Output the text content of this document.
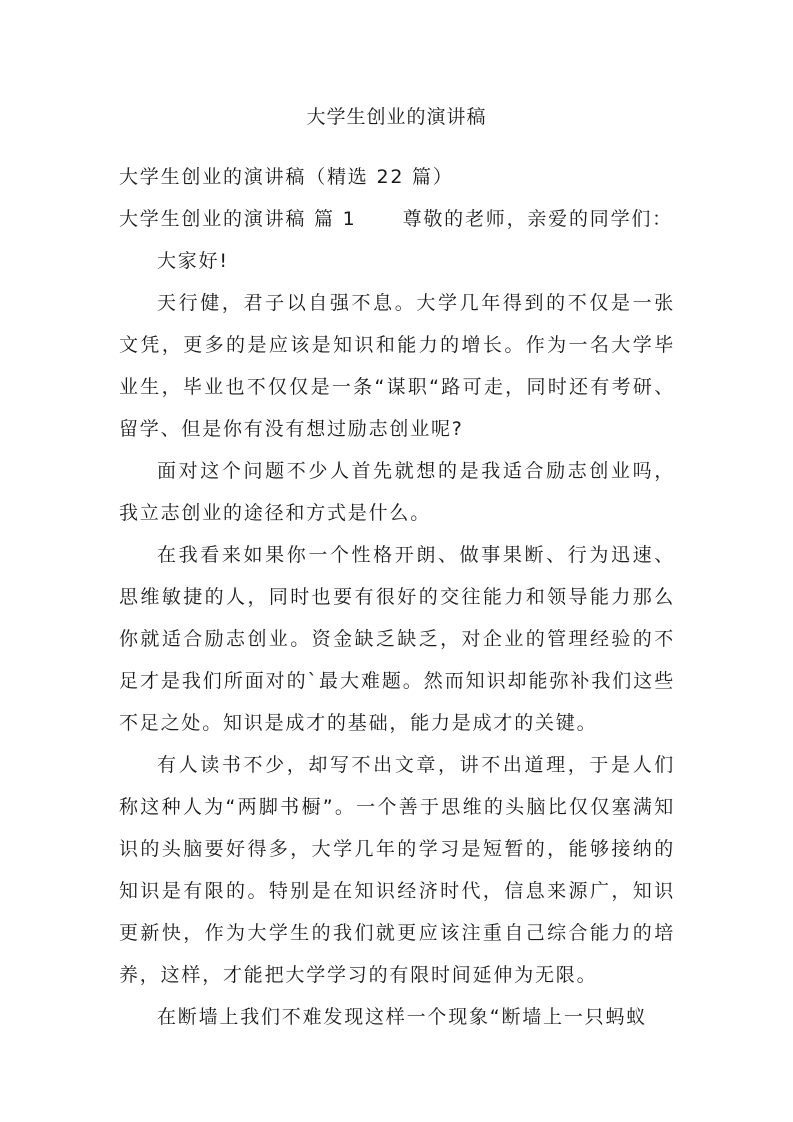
大学生创业的演讲稿

大学生创业的演讲稿（精选 22 篇）

大学生创业的演讲稿 篇 1 尊敬的老师，亲爱的同学们：

大家好!

天行健，君子以自强不息。大学几年得到的不仅是一张文凭，更多的是应该是知识和能力的增长。作为一名大学毕业生，毕业也不仅仅是一条“谋职“路可走，同时还有考研、留学、但是你有没有想过励志创业呢?

面对这个问题不少人首先就想的是我适合励志创业吗，我立志创业的途径和方式是什么。

在我看来如果你一个性格开朗、做事果断、行为迅速、思维敏捷的人，同时也要有很好的交往能力和领导能力那么你就适合励志创业。资金缺乏缺乏，对企业的管理经验的不足才是我们所面对的`最大难题。然而知识却能弥补我们这些不足之处。知识是成才的基础，能力是成才的关键。

有人读书不少，却写不出文章，讲不出道理，于是人们称这种人为“两脚书橱”。一个善于思维的头脑比仅仅塞满知识的头脑要好得多，大学几年的学习是短暂的，能够接纳的知识是有限的。特别是在知识经济时代，信息来源广，知识更新快，作为大学生的我们就更应该注重自己综合能力的培养，这样，才能把大学学习的有限时间延伸为无限。

在断墙上我们不难发现这样一个现象“断墙上一只蚂蚁
